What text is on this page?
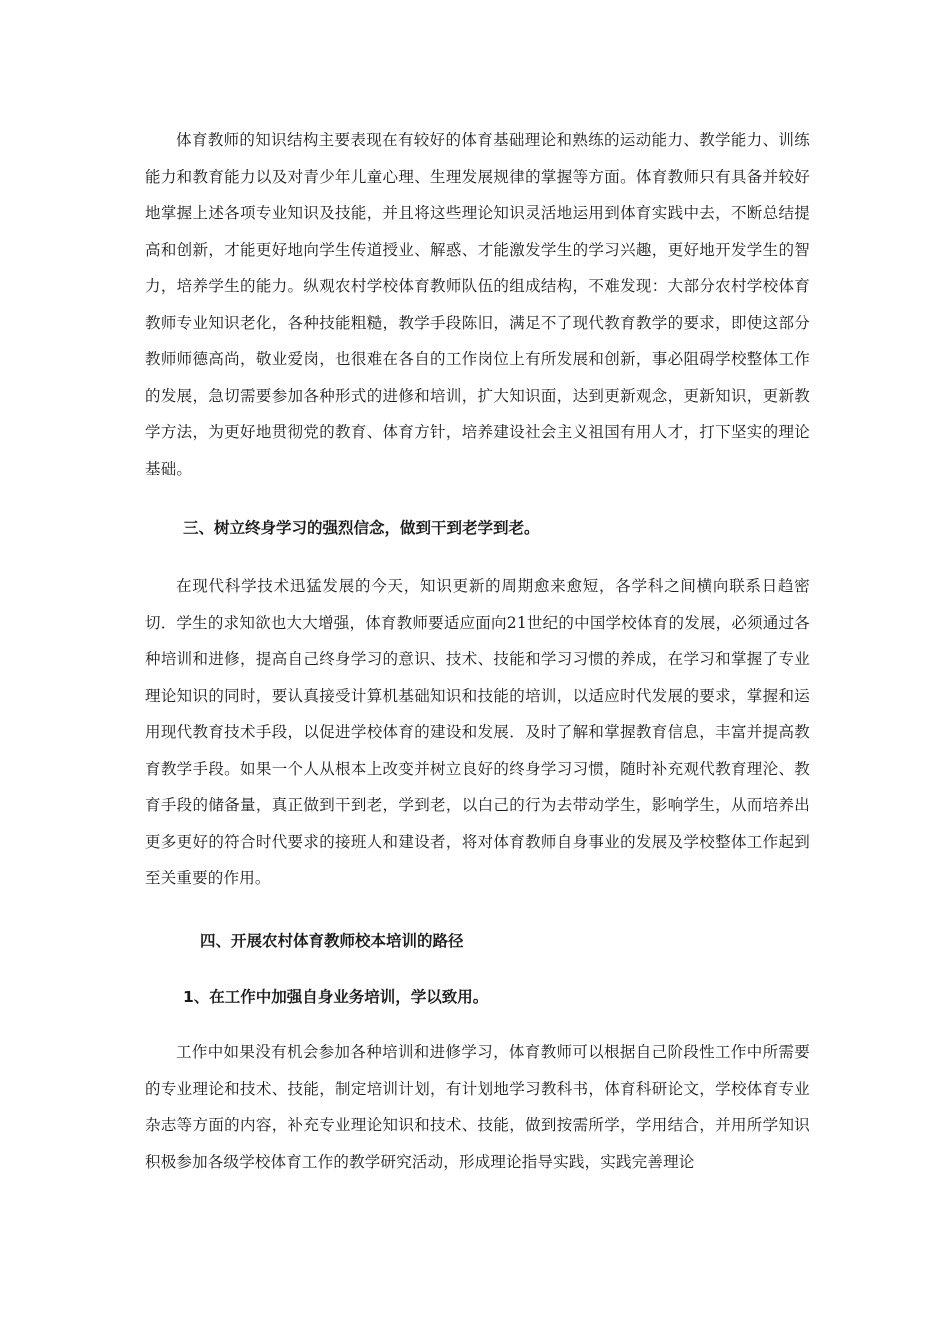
体育教师的知识结构主要表现在有较好的体育基础理论和熟练的运动能力、教学能力、训练能力和教育能力以及对青少年儿童心理、生理发展规律的掌握等方面。体育教师只有具备并较好地掌握上述各项专业知识及技能，并且将这些理论知识灵活地运用到体育实践中去，不断总结提高和创新，才能更好地向学生传道授业、解惑、才能激发学生的学习兴趣，更好地开发学生的智力，培养学生的能力。纵观农村学校体育教师队伍的组成结构，不难发现：大部分农村学校体育教师专业知识老化，各种技能粗糙，教学手段陈旧，满足不了现代教育教学的要求，即使这部分教师师德高尚，敬业爱岗，也很难在各自的工作岗位上有所发展和创新，事必阻碍学校整体工作的发展，急切需要参加各种形式的进修和培训，扩大知识面，达到更新观念，更新知识，更新教学方法，为更好地贯彻党的教育、体育方针，培养建设社会主义祖国有用人才，打下坚实的理论基础。

三、树立终身学习的强烈信念，做到干到老学到老。

在现代科学技术迅猛发展的今天，知识更新的周期愈来愈短，各学科之间横向联系日趋密切．学生的求知欲也大大增强，体育教师要适应面向21世纪的中国学校体育的发展，必须通过各种培训和进修，提高自己终身学习的意识、技术、技能和学习习惯的养成，在学习和掌握了专业理论知识的同时，要认真接受计算机基础知识和技能的培训，以适应时代发展的要求，掌握和运用现代教育技术手段，以促进学校体育的建设和发展．及时了解和掌握教育信息，丰富并提高教育教学手段。如果一个人从根本上改变并树立良好的终身学习习惯，随时补充观代教育理沦、教育手段的储备量，真正做到干到老，学到老，以白己的行为去带动学生，影响学生，从而培养出更多更好的符合时代要求的接班人和建设者，将对体育教师自身事业的发展及学校整体工作起到至关重要的作用。

四、开展农村体育教师校本培训的路径

1、在工作中加强自身业务培训，学以致用。

工作中如果没有机会参加各种培训和进修学习，体育教师可以根据自己阶段性工作中所需要的专业理论和技术、技能，制定培训计划，有计划地学习教科书，体育科研论文，学校体育专业杂志等方面的内容，补充专业理论知识和技术、技能，做到按需所学，学用结合，并用所学知识积极参加各级学校体育工作的教学研究活动，形成理论指导实践，实践完善理论
